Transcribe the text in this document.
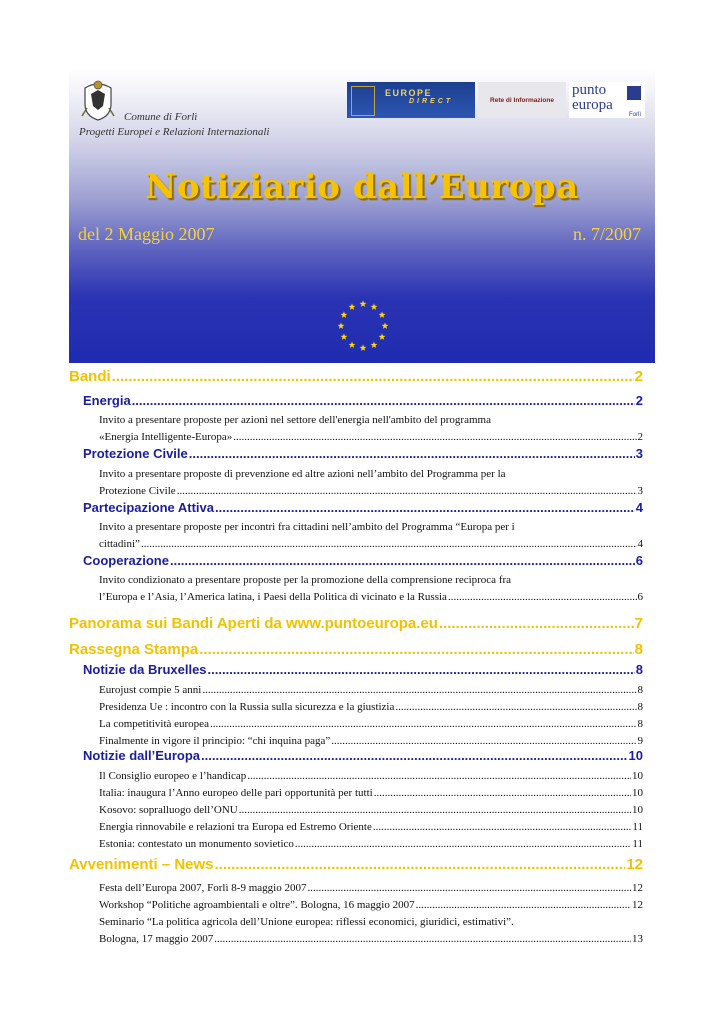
Comune di Forlì
Progetti Europei e Relazioni Internazionali
EUROPE
DIRECT	Rete di Informazione
punto
europa
Forlì
Notiziario dall’Europa
del 2 Maggio 2007	n. 7/2007
Bandi .....	2
Energia .....	2
Invito a presentare proposte per azioni nel settore dell'energia nell'ambito del programma
«Energia Intelligente-Europa» .....	2
Protezione Civile .....	3
Invito a presentare proposte di prevenzione ed altre azioni nell’ambito del Programma per la
Protezione Civile .....	3
Partecipazione Attiva .....	4
Invito a presentare proposte per incontri fra cittadini nell’ambito del Programma “Europa per i
cittadini” .....	4
Cooperazione .....	6
Invito condizionato a presentare proposte per la promozione della comprensione reciproca fra
l’Europa e l’Asia, l’America latina, i Paesi della Politica di vicinato e la Russia .....	6
Panorama sui Bandi Aperti da www.puntoeuropa.eu .....	7
Rassegna Stampa .....	8
Notizie da Bruxelles .....	8
Eurojust compie 5 anni .....	8
Presidenza Ue : incontro con la Russia sulla sicurezza e la giustizia .....	8
La competitività europea .....	8
Finalmente in vigore il principio: “chi inquina paga” .....	9
Notizie dall’Europa .....	10
Il Consiglio europeo e l’handicap .....	10
Italia: inaugura l’Anno europeo delle pari opportunità per tutti .....	10
Kosovo: sopralluogo dell’ONU .....	10
Energia rinnovabile e relazioni tra Europa ed Estremo Oriente .....	11
Estonia: contestato un monumento sovietico .....	11
Avvenimenti – News .....	12
Festa dell’Europa 2007, Forlì 8-9 maggio 2007 .....	12
Workshop “Politiche agroambientali e oltre”. Bologna, 16 maggio 2007 .....	12
Seminario “La politica agricola dell’Unione europea: riflessi economici, giuridici, estimativi”.
Bologna, 17 maggio 2007 .....	13
